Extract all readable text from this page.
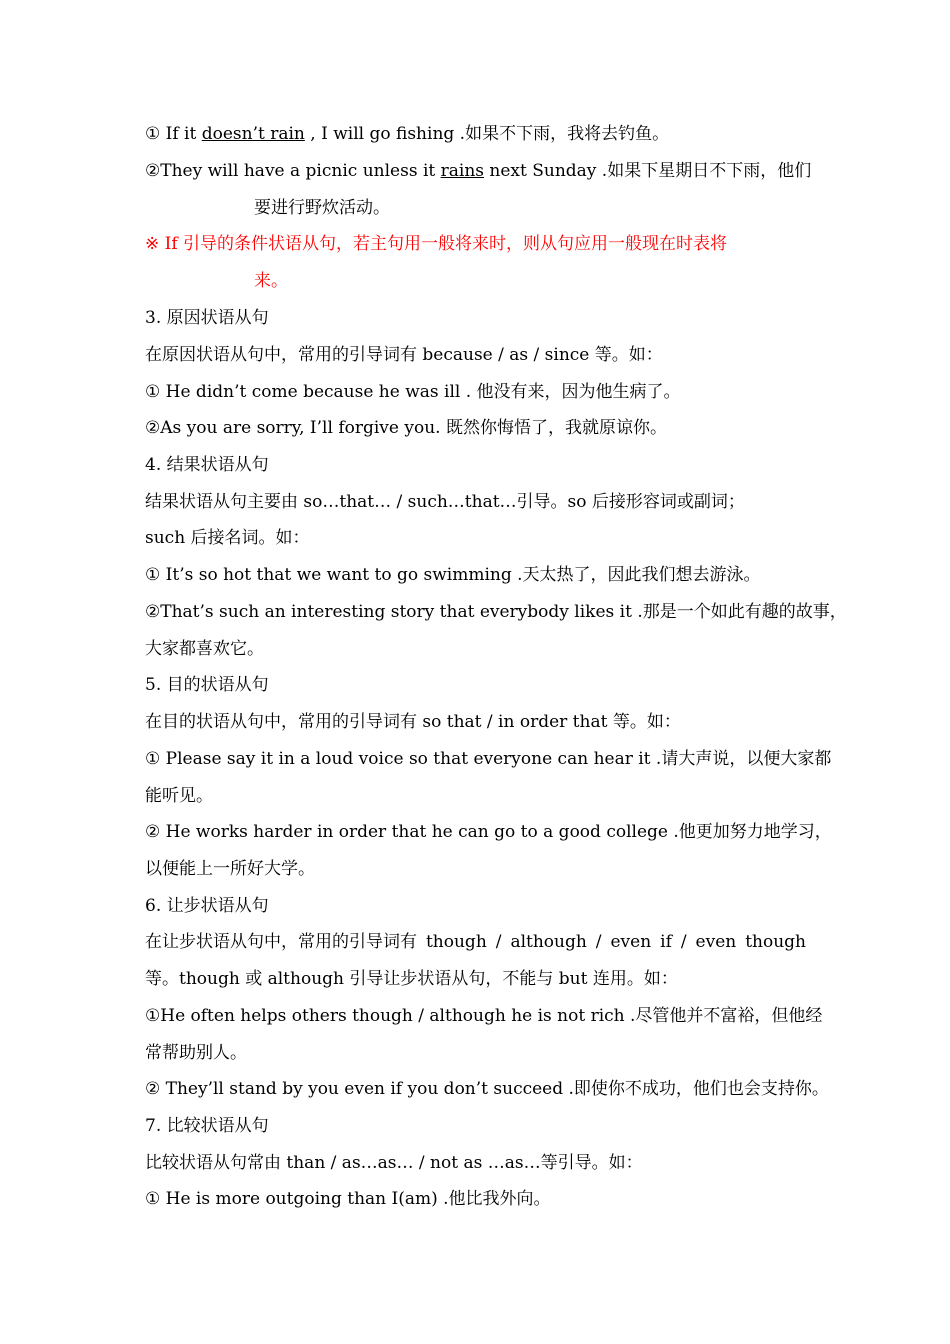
① If it doesn’t rain , I will go fishing .如果不下雨，我将去钓鱼。
②They will have a picnic unless it rains next Sunday .如果下星期日不下雨，他们
要进行野炊活动。
※ If 引导的条件状语从句，若主句用一般将来时，则从句应用一般现在时表将
来。
3. 原因状语从句
在原因状语从句中，常用的引导词有 because / as / since 等。如：
① He didn’t come because he was ill . 他没有来，因为他生病了。
②As you are sorry, I’ll forgive you. 既然你悔悟了，我就原谅你。
4. 结果状语从句
结果状语从句主要由 so…that… / such…that…引导。so 后接形容词或副词；
such 后接名词。如：
① It’s so hot that we want to go swimming .天太热了，因此我们想去游泳。
②That’s such an interesting story that everybody likes it .那是一个如此有趣的故事，
大家都喜欢它。
5. 目的状语从句
在目的状语从句中，常用的引导词有 so that / in order that 等。如：
① Please say it in a loud voice so that everyone can hear it .请大声说，以便大家都
能听见。
② He works harder in order that he can go to a good college .他更加努力地学习，
以便能上一所好大学。
6. 让步状语从句
在让步状语从句中，常用的引导词有 though / although / even if / even though
等。though 或 although 引导让步状语从句，不能与 but 连用。如：
①He often helps others though / although he is not rich .尽管他并不富裕，但他经
常帮助别人。
② They’ll stand by you even if you don’t succeed .即使你不成功，他们也会支持你。
7. 比较状语从句
比较状语从句常由 than / as…as… / not as …as…等引导。如：
① He is more outgoing than I(am) .他比我外向。
